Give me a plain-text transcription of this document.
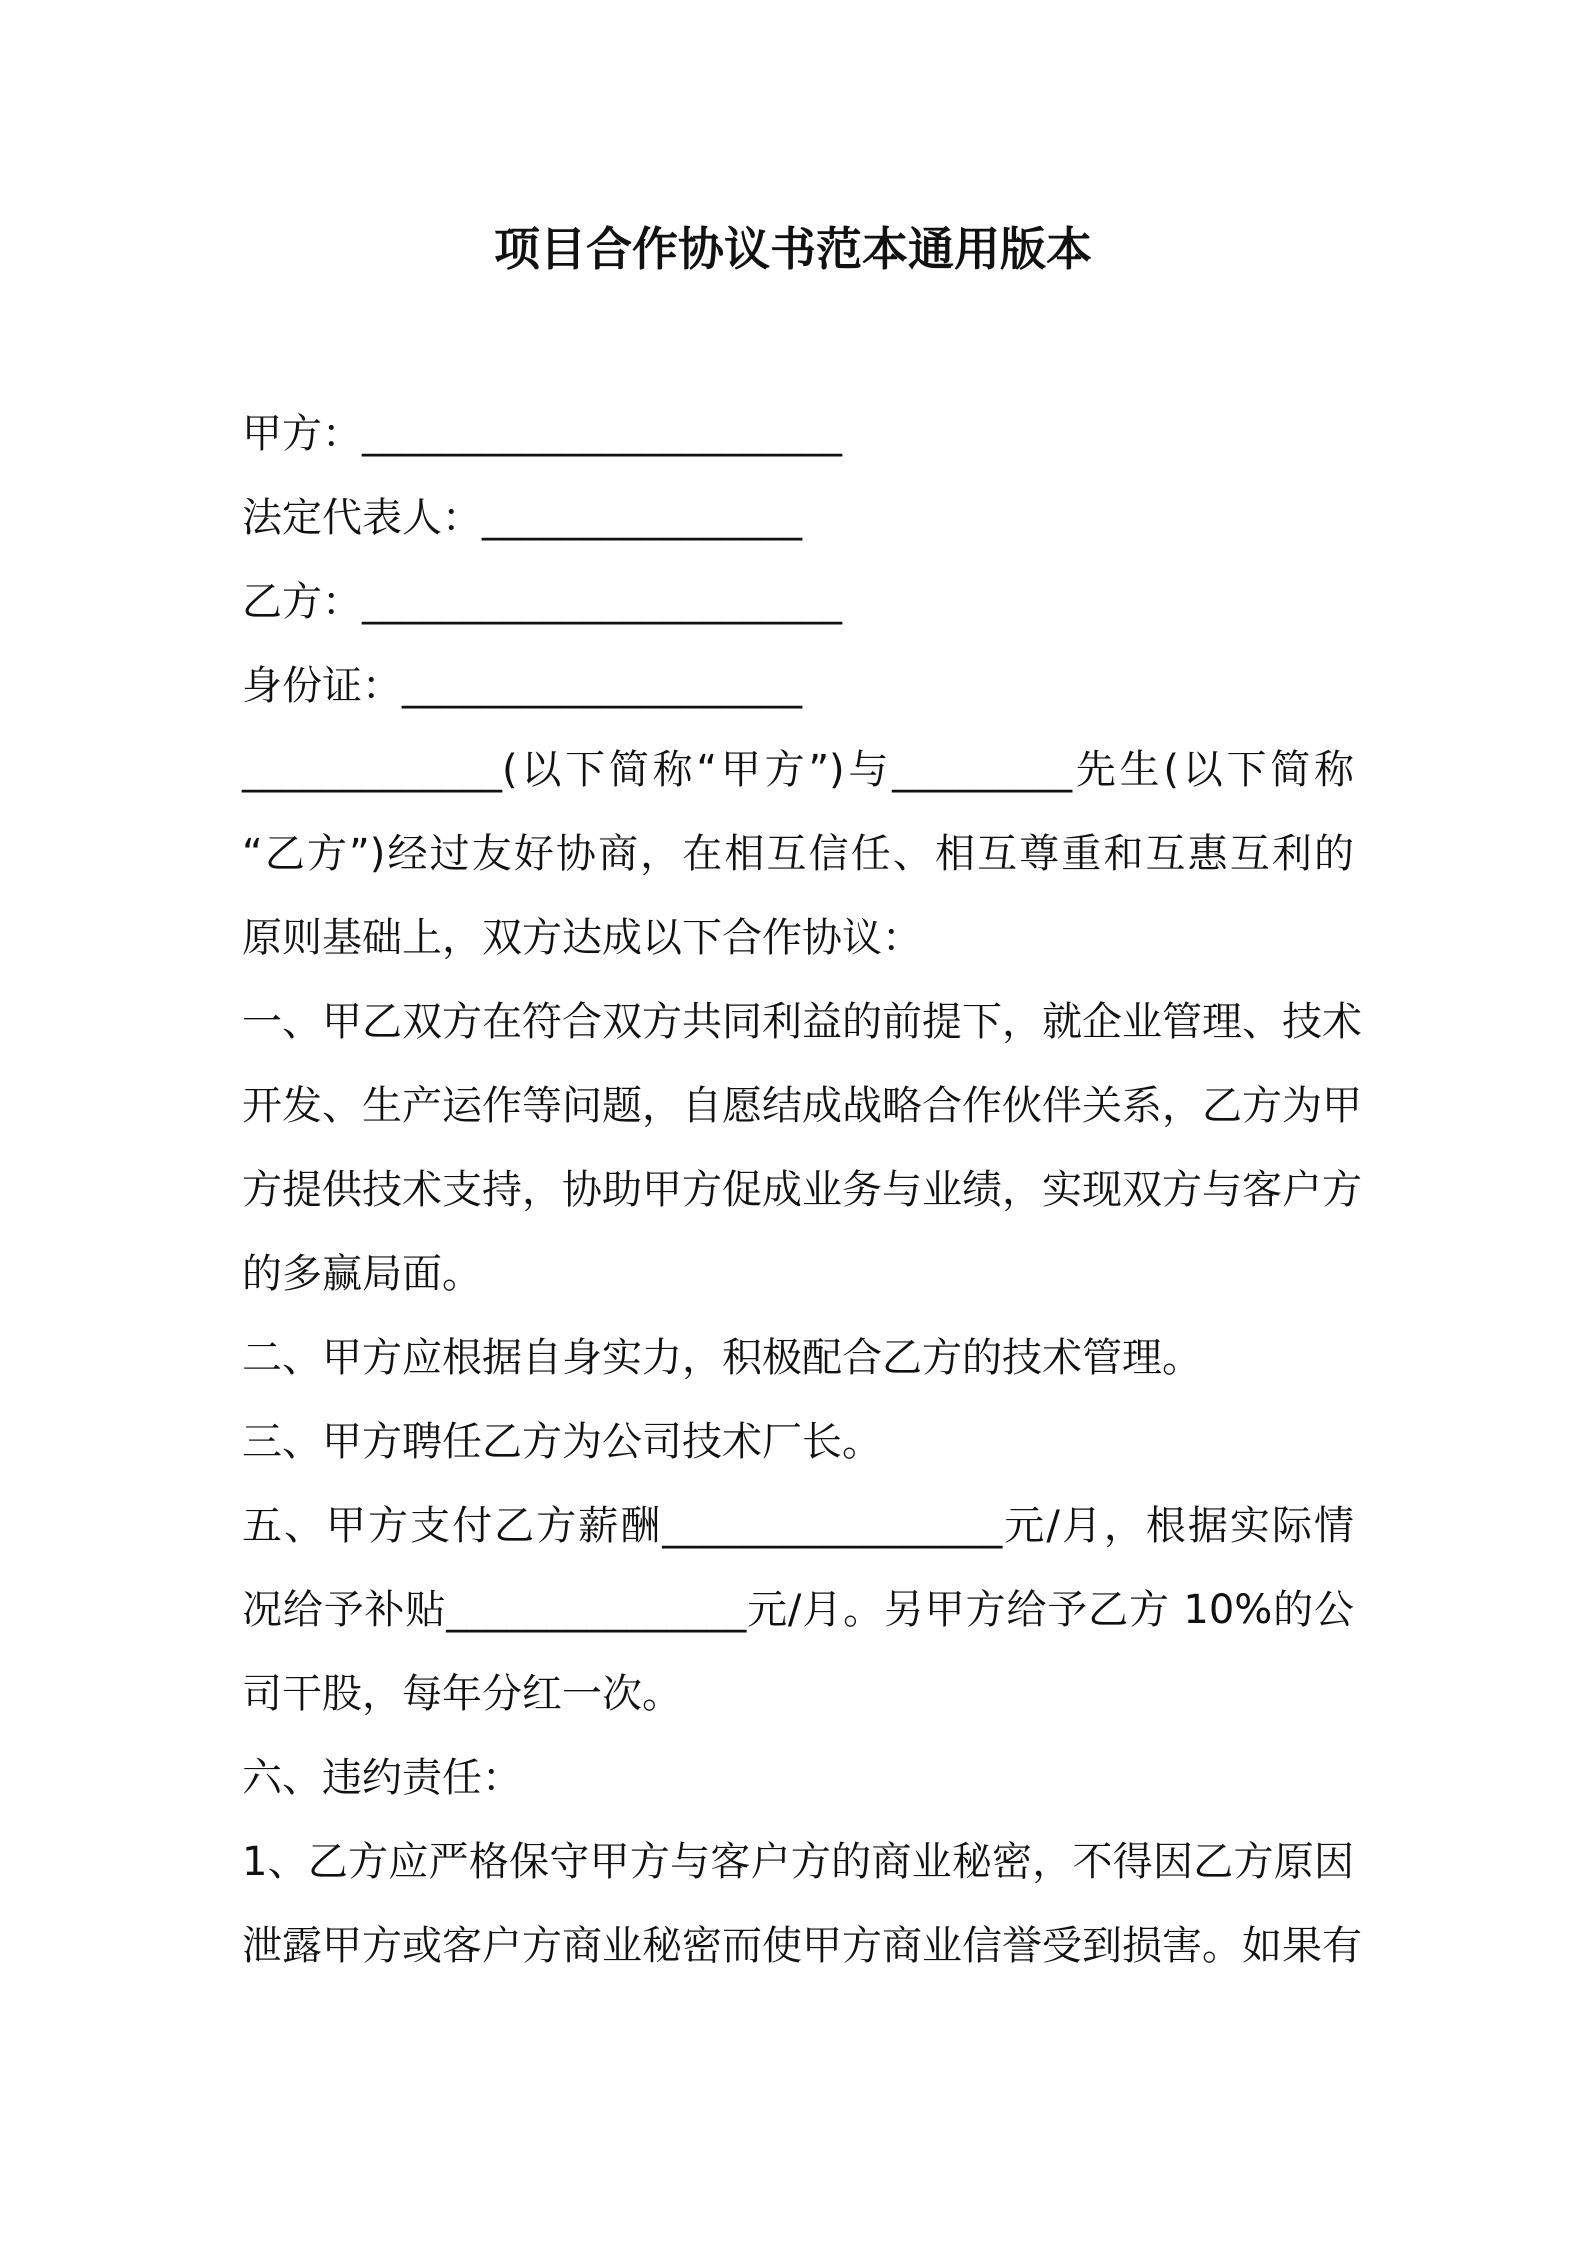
项目合作协议书范本通用版本

甲方：________________________

法定代表人：________________

乙方：________________________

身份证：____________________

_____________(以下简称“甲方”)与_________先生(以下简称

“乙方”)经过友好协商，在相互信任、相互尊重和互惠互利的

原则基础上，双方达成以下合作协议：

一、甲乙双方在符合双方共同利益的前提下，就企业管理、技术

开发、生产运作等问题，自愿结成战略合作伙伴关系，乙方为甲

方提供技术支持，协助甲方促成业务与业绩，实现双方与客户方

的多赢局面。

二、甲方应根据自身实力，积极配合乙方的技术管理。

三、甲方聘任乙方为公司技术厂长。

五、甲方支付乙方薪酬_________________元/月，根据实际情

况给予补贴_______________元/月。另甲方给予乙方 10%的公

司干股，每年分红一次。

六、违约责任：

1、乙方应严格保守甲方与客户方的商业秘密，不得因乙方原因

泄露甲方或客户方商业秘密而使甲方商业信誉受到损害。如果有
